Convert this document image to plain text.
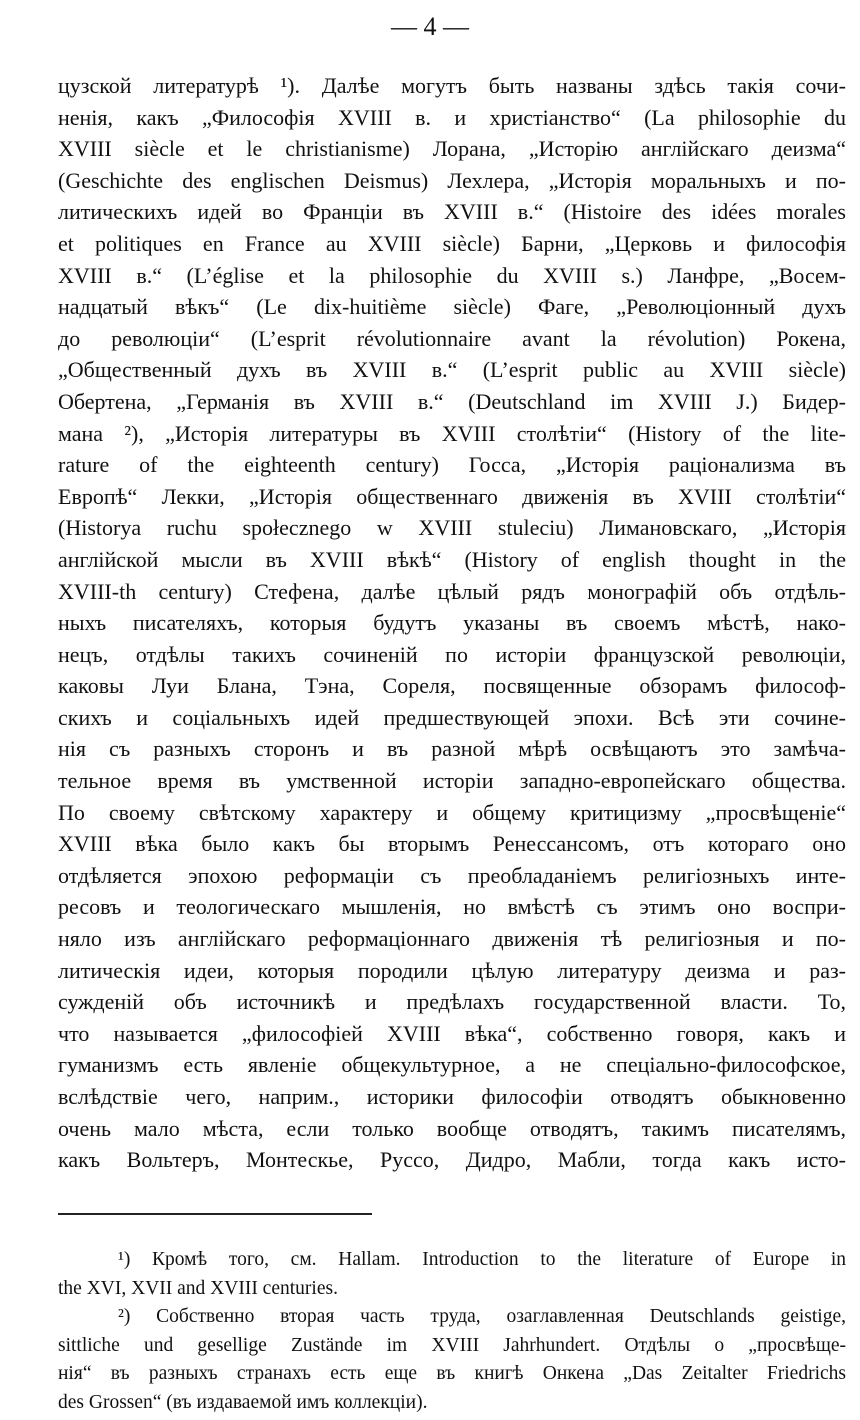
— 4 —
цузской литературѣ ¹). Далѣе могутъ быть названы здѣсь такія сочи-
ненія, какъ „Философія XVIII в. и христіанство“ (La philosophie du
XVIII siècle et le christianisme) Лорана, „Исторію англійскаго деизма“
(Geschichte des englischen Deismus) Лехлера, „Исторія моральныхъ и по-
литическихъ идей во Франціи въ XVIII в.“ (Histoire des idées morales
et politiques en France au XVIII siècle) Барни, „Церковь и философія
XVIII в.“ (L’église et la philosophie du XVIII s.) Ланфре, „Восем-
надцатый вѣкъ“ (Le dix-huitième siècle) Фаге, „Революціонный духъ
до революціи“ (L’esprit révolutionnaire avant la révolution) Рокена,
„Общественный духъ въ XVIII в.“ (L’esprit public au XVIII siècle)
Обертена, „Германія въ XVIII в.“ (Deutschland im XVIII J.) Бидер-
мана ²), „Исторія литературы въ XVIII столѣтіи“ (History of the lite-
rature of the eighteenth century) Госса, „Исторія раціонализма въ
Европѣ“ Лекки, „Исторія общественнаго движенія въ XVIII столѣтіи“
(Historya ruchu społecznego w XVIII stuleciu) Лимановскаго, „Исторія
англійской мысли въ XVIII вѣкѣ“ (History of english thought in the
XVIII-th century) Стефена, далѣе цѣлый рядъ монографій объ отдѣль-
ныхъ писателяхъ, которыя будутъ указаны въ своемъ мѣстѣ, нако-
нецъ, отдѣлы такихъ сочиненій по исторіи французской революціи,
каковы Луи Блана, Тэна, Сореля, посвященные обзорамъ философ-
скихъ и соціальныхъ идей предшествующей эпохи. Всѣ эти сочине-
нія съ разныхъ сторонъ и въ разной мѣрѣ освѣщаютъ это замѣча-
тельное время въ умственной исторіи западно-европейскаго общества.
По своему свѣтскому характеру и общему критицизму „просвѣщеніе“
XVIII вѣка было какъ бы вторымъ Ренессансомъ, отъ котораго оно
отдѣляется эпохою реформаціи съ преобладаніемъ религіозныхъ инте-
ресовъ и теологическаго мышленія, но вмѣстѣ съ этимъ оно воспри-
няло изъ англійскаго реформаціоннаго движенія тѣ религіозныя и по-
литическія идеи, которыя породили цѣлую литературу деизма и раз-
сужденій объ источникѣ и предѣлахъ государственной власти. То,
что называется „философіей XVIII вѣка“, собственно говоря, какъ и
гуманизмъ есть явленіе общекультурное, а не спеціально-философское,
вслѣдствіе чего, наприм., историки философіи отводятъ обыкновенно
очень мало мѣста, если только вообще отводятъ, такимъ писателямъ,
какъ Вольтеръ, Монтескье, Руссо, Дидро, Мабли, тогда какъ исто-
¹) Кромѣ того, см. Hallam. Introduction to the literature of Europe in
the XVI, XVII and XVIII centuries.
²) Собственно вторая часть труда, озаглавленная Deutschlands geistige,
sittliche und gesellige Zustände im XVIII Jahrhundert. Отдѣлы о „просвѣще-
нія“ въ разныхъ странахъ есть еще въ книгѣ Онкена „Das Zeitalter Friedrichs
des Grossen“ (въ издаваемой имъ коллекціи).
